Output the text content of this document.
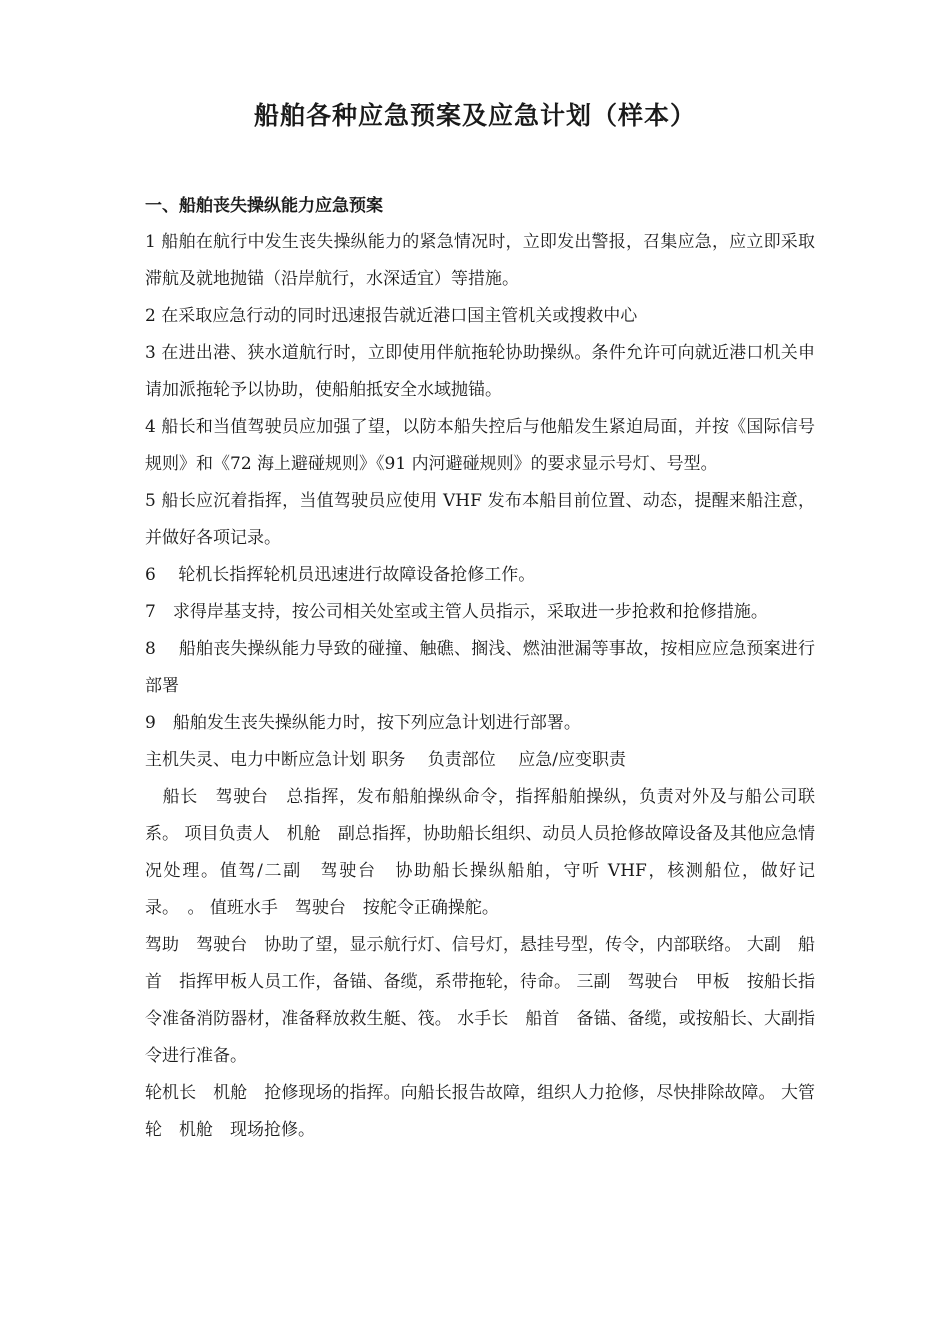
船舶各种应急预案及应急计划（样本）

一、船舶丧失操纵能力应急预案

1 船舶在航行中发生丧失操纵能力的紧急情况时，立即发出警报，召集应急，应立即采取滞航及就地抛锚（沿岸航行，水深适宜）等措施。

2 在采取应急行动的同时迅速报告就近港口国主管机关或搜救中心

3 在进出港、狭水道航行时，立即使用伴航拖轮协助操纵。条件允许可向就近港口机关申请加派拖轮予以协助，使船舶抵安全水域抛锚。

4 船长和当值驾驶员应加强了望，以防本船失控后与他船发生紧迫局面，并按《国际信号规则》和《72 海上避碰规则》《91 内河避碰规则》的要求显示号灯、号型。

5 船长应沉着指挥，当值驾驶员应使用 VHF 发布本船目前位置、动态，提醒来船注意，并做好各项记录。

6　 轮机长指挥轮机员迅速进行故障设备抢修工作。

7　求得岸基支持，按公司相关处室或主管人员指示，采取进一步抢救和抢修措施。

8　 船舶丧失操纵能力导致的碰撞、触礁、搁浅、燃油泄漏等事故，按相应应急预案进行部署

9　船舶发生丧失操纵能力时，按下列应急计划进行部署。

主机失灵、电力中断应急计划 职务　 负责部位　 应急/应变职责

　船长　驾驶台　总指挥，发布船舶操纵命令，指挥船舶操纵，负责对外及与船公司联系。 项目负责人　机舱　副总指挥，协助船长组织、动员人员抢修故障设备及其他应急情况处理。值驾/二副　驾驶台　协助船长操纵船舶，守听 VHF，核测船位，做好记录。　。 值班水手　驾驶台　按舵令正确操舵。

驾助　驾驶台　协助了望，显示航行灯、信号灯，悬挂号型，传令，内部联络。 大副　船首　指挥甲板人员工作，备锚、备缆，系带拖轮，待命。 三副　驾驶台　甲板　按船长指令准备消防器材，准备释放救生艇、筏。 水手长　船首　备锚、备缆，或按船长、大副指令进行准备。

轮机长　机舱　抢修现场的指挥。向船长报告故障，组织人力抢修，尽快排除故障。 大管轮　机舱　现场抢修。
